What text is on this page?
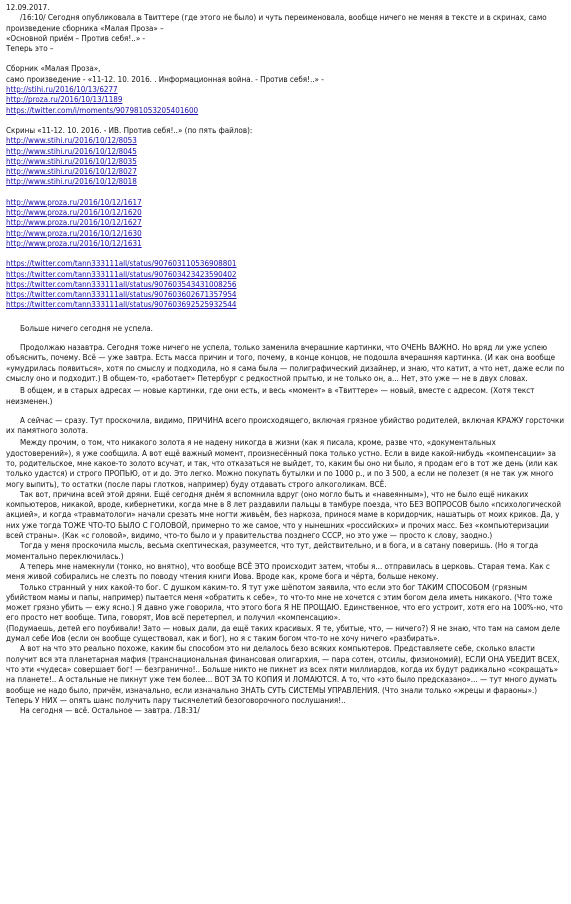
12.09.2017.

/16:10/ Сегодня опубликовала в Твиттере (где этого не было) и чуть переименовала, вообще ничего не меняя в тексте и в скринах, само произведение сборника «Малая Проза» –

«Основной приём – Против себя!..» -

Теперь это –

Сборник «Малая Проза»,

само произведение - «11-12. 10. 2016. . Информационная война. - Против себя!..» -

http://stihi.ru/2016/10/13/6277
http://proza.ru/2016/10/13/1189
https://twitter.com/i/moments/907981053205401600

Скрины «11-12. 10. 2016. - ИВ. Против себя!..» (по пять файлов):

http://www.stihi.ru/2016/10/12/8053
http://www.stihi.ru/2016/10/12/8045
http://www.stihi.ru/2016/10/12/8035
http://www.stihi.ru/2016/10/12/8027
http://www.stihi.ru/2016/10/12/8018
http://www.proza.ru/2016/10/12/1617
http://www.proza.ru/2016/10/12/1620
http://www.proza.ru/2016/10/12/1627
http://www.proza.ru/2016/10/12/1630
http://www.proza.ru/2016/10/12/1631
https://twitter.com/tann333111all/status/907603110536908801
https://twitter.com/tann333111all/status/907603423423590402
https://twitter.com/tann333111all/status/907603543431008256
https://twitter.com/tann333111all/status/907603602671357954
https://twitter.com/tann333111all/status/907603692525932544

Больше ничего сегодня не успела.

Продолжаю назавтра. Сегодня тоже ничего не успела, только заменила вчерашние картинки, что ОЧЕНЬ ВАЖНО. Но вряд ли уже успею объяснить, почему. Всё — уже завтра. Есть масса причин и того, почему, в конце концов, не подошла вчерашняя картинка. (И как она вообще «умудрилась появиться», хотя по смыслу и подходила, но я сама была — полиграфический дизайнер, и знаю, что катит, а что нет, даже если по смыслу оно и подходит.) В общем-то, «работает» Петербург с редкостной прытью, и не только он, а... Нет, это уже — не в двух словах.

В общем, и в старых адресах — новые картинки, где они есть, и весь «момент» в «Твиттере» — новый, вместе с адресом. (Хотя текст неизменен.)

А сейчас — сразу. Тут проскочила, видимо, ПРИЧИНА всего происходящего, включая грязное убийство родителей, включая КРАЖУ горсточки их памятного золота.

Между прочим, о том, что никакого золота я не надену никогда в жизни (как я писала, кроме, разве что, «документальных удостоверений»), я уже сообщила. А вот ещё важный момент, произнесённый пока только устно. Если в виде какой-нибудь «компенсации» за то, родительское, мне какое-то золото всучат, и так, что отказаться не выйдет, то, каким бы оно ни было, я продам его в тот же день (или как только удастся) и строго ПРОПЬЮ, от и до. Это легко. Можно покупать бутылки и по 1000 р., и по 3 500, а если не полезет (я не так уж много могу выпить), то остатки (после пары глотков, например) буду отдавать строго алкоголикам. ВСЁ.

Так вот, причина всей этой дряни. Ещё сегодня днём я вспомнила вдруг (оно могло быть и «навеянным»), что не было ещё никаких компьютеров, никакой, вроде, кибернетики, когда мне в 8 лет раздавили пальцы в тамбуре поезда, что БЕЗ ВОПРОСОВ было «психологической акцией», и когда «травматологи» начали срезать мне ногти живьём, без наркоза, принося маме в коридорчик, нашатырь от моих криков. Да, у них уже тогда ТОЖЕ ЧТО-ТО БЫЛО С ГОЛОВОЙ, примерно то же самое, что у нынешних «российских» и прочих масс. Без «компьютеризации всей страны». (Как «с головой», видимо, что-то было и у правительства позднего СССР, но это уже — просто к слову, заодно.)

Тогда у меня проскочила мысль, весьма скептическая, разумеется, что тут, действительно, и в бога, и в сатану поверишь. (Но я тогда моментально переключилась.)

А теперь мне намекнули (тонко, но внятно), что вообще ВСЁ ЭТО происходит затем, чтобы я... отправилась в церковь. Старая тема. Как с меня живой собирались не слезть по поводу чтения книги Иова. Вроде как, кроме бога и чёрта, больше некому.

Только странный у них какой-то бог. С душком каким-то. Я тут уже шёпотом заявила, что если это бог ТАКИМ СПОСОБОМ (грязным убийством мамы и папы, например) пытается меня «обратить к себе», то что-то мне не хочется с этим богом дела иметь никакого. (Что тоже может грязно убить — ежу ясно.) Я давно уже говорила, что этого бога Я НЕ ПРОЩАЮ. Единственное, что его устроит, хотя его на 100%-но, что его просто нет вообще. Типа, говорят, Иов всё перетерпел, и получил «компенсацию».

(Подумаешь, детей его поубивали! Зато — новых дали, да ещё таких красивых. Я те, убитые, что, — ничего?) Я не знаю, что там на самом деле думал себе Иов (если он вообще существовал, как и бог), но я с таким богом что-то не хочу ничего «разбирать».

А вот на что это реально похоже, каким бы способом это ни делалось безо всяких компьютеров. Представляете себе, сколько власти получит вся эта планетарная мафия (транснациональная финансовая олигархия, — пара сотен, отсилы, физиономий), ЕСЛИ ОНА УБЕДИТ ВСЕХ, что эти «чудеса» совершает бог! — безгранично!.. Больше никто не пикнет из всех пяти миллиардов, когда их будут радикально «сокращать» на планете!.. А остальные не пикнут уже тем более... ВОТ ЗА ТО КОПИЯ И ЛОМАЮТСЯ. А то, что «это было предсказано»... — тут много думать вообще не надо было, причём, изначально, если изначально ЗНАТЬ СУТЬ СИСТЕМЫ УПРАВЛЕНИЯ. (Что знали только «жрецы и фараоны».) Теперь У НИХ — опять шанс получить пару тысячелетий безоговорочного послушания!..

На сегодня — всё. Остальное — завтра. /18:31/
